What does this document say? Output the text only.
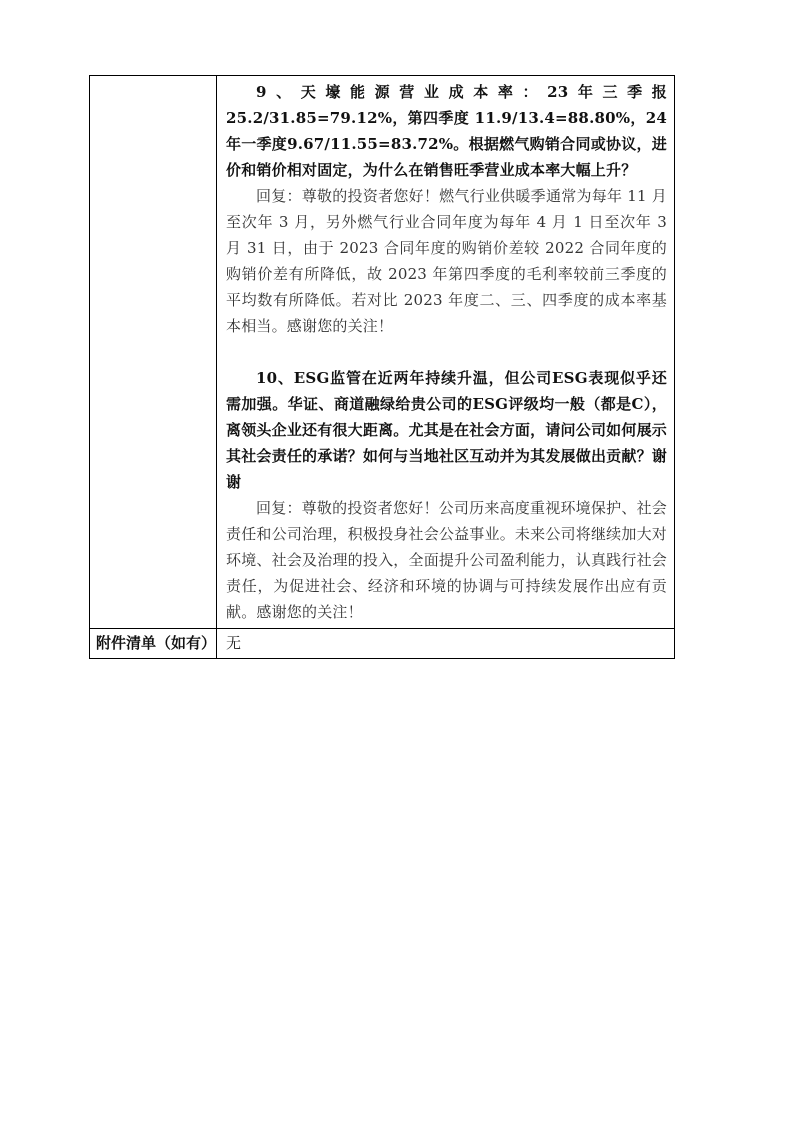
	9、天壕能源营业成本率：23年三季报25.2/31.85=79.12%，第四季度 11.9/13.4=88.80%，24年一季度9.67/11.55=83.72%。根据燃气购销合同或协议，进价和销价相对固定，为什么在销售旺季营业成本率大幅上升？

回复：尊敬的投资者您好！燃气行业供暖季通常为每年 11 月至次年 3 月，另外燃气行业合同年度为每年 4 月 1 日至次年 3 月 31 日，由于 2023 合同年度的购销价差较 2022 合同年度的购销价差有所降低，故 2023 年第四季度的毛利率较前三季度的平均数有所降低。若对比 2023 年度二、三、四季度的成本率基本相当。感谢您的关注！

10、ESG监管在近两年持续升温，但公司ESG表现似乎还需加强。华证、商道融绿给贵公司的ESG评级均一般（都是C），离领头企业还有很大距离。尤其是在社会方面，请问公司如何展示其社会责任的承诺？如何与当地社区互动并为其发展做出贡献？谢谢

回复：尊敬的投资者您好！公司历来高度重视环境保护、社会责任和公司治理，积极投身社会公益事业。未来公司将继续加大对环境、社会及治理的投入，全面提升公司盈利能力，认真践行社会责任，为促进社会、经济和环境的协调与可持续发展作出应有贡献。感谢您的关注！

附件清单（如有）	无
